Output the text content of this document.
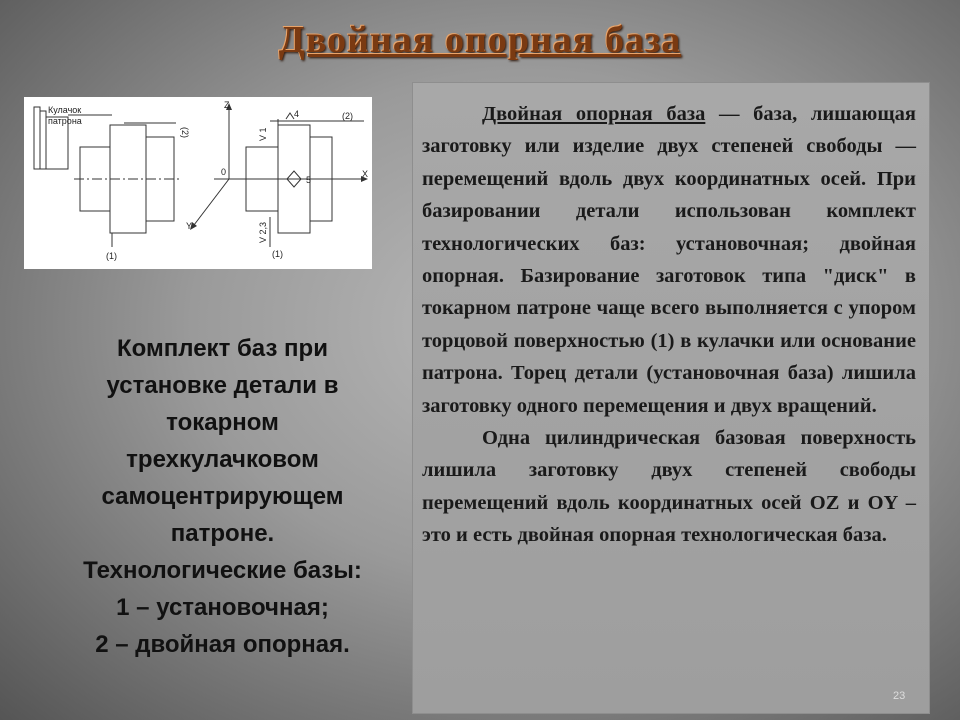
Двойная опорная база
Кулачок
патрона
(2)
(1)
Z
X
Y
0
V 1
4	(2)
5
V 2,3
(1)
Комплект баз при
установке детали в
токарном
трехкулачковом
самоцентрирующем
патроне.
Технологические базы:
1 – установочная;
2 – двойная опорная.

Двойная опорная база — база, лишающая заготовку или изделие двух степеней свободы — перемещений вдоль двух координатных осей. При базировании детали использован комплект технологических баз: установочная; двойная опорная. Базирование заготовок типа "диск" в токарном патроне чаще всего выполняется с упором торцовой поверхностью (1) в кулачки или основание патрона. Торец детали (установочная база) лишила заготовку одного перемещения и двух вращений.

Одна цилиндрическая базовая поверхность лишила заготовку двух степеней свободы перемещений вдоль координатных осей OZ и OY – это и есть двойная опорная технологическая база.

23
